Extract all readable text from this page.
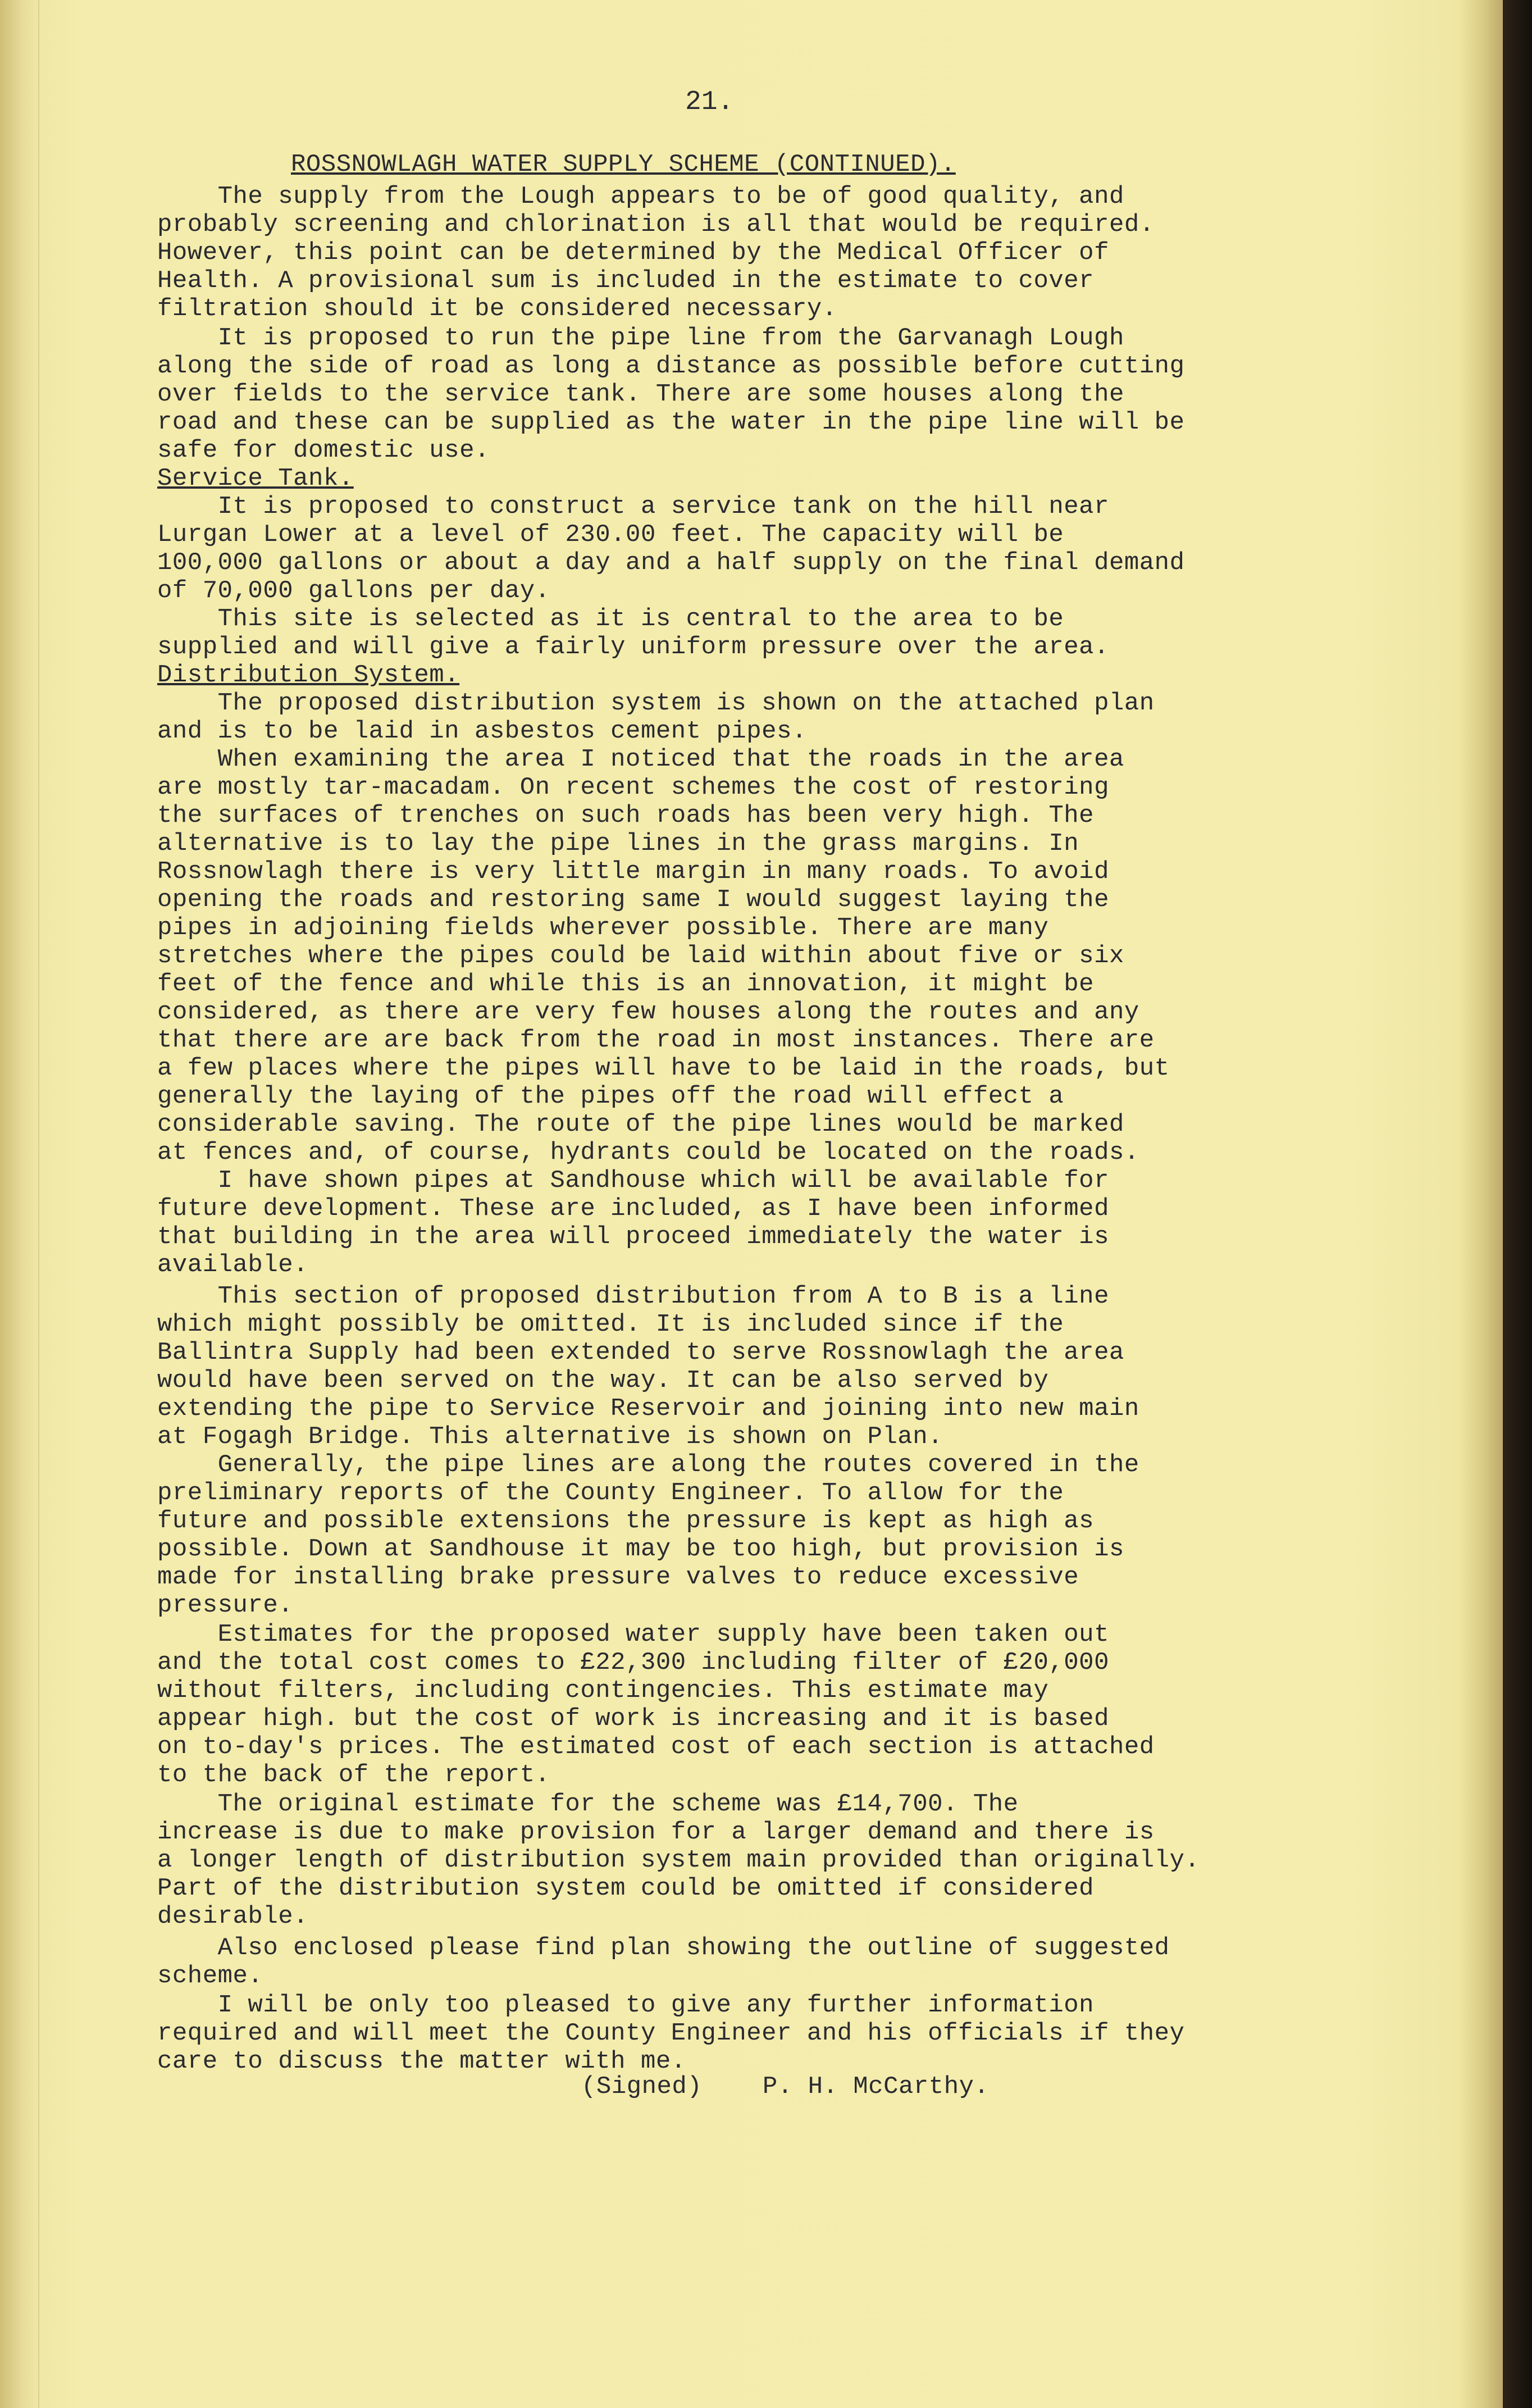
21.
ROSSNOWLAGH WATER SUPPLY SCHEME (CONTINUED).
The supply from the Lough appears to be of good quality, and
probably screening and chlorination is all that would be required.
However, this point can be determined by the Medical Officer of
Health. A provisional sum is included in the estimate to cover
filtration should it be considered necessary.
It is proposed to run the pipe line from the Garvanagh Lough
along the side of road as long a distance as possible before cutting
over fields to the service tank. There are some houses along the
road and these can be supplied as the water in the pipe line will be
safe for domestic use.
Service Tank.
It is proposed to construct a service tank on the hill near
Lurgan Lower at a level of 230.00 feet. The capacity will be
100,000 gallons or about a day and a half supply on the final demand
of 70,000 gallons per day.
This site is selected as it is central to the area to be
supplied and will give a fairly uniform pressure over the area.
Distribution System.
The proposed distribution system is shown on the attached plan
and is to be laid in asbestos cement pipes.
When examining the area I noticed that the roads in the area
are mostly tar-macadam. On recent schemes the cost of restoring
the surfaces of trenches on such roads has been very high. The
alternative is to lay the pipe lines in the grass margins. In
Rossnowlagh there is very little margin in many roads. To avoid
opening the roads and restoring same I would suggest laying the
pipes in adjoining fields wherever possible. There are many
stretches where the pipes could be laid within about five or six
feet of the fence and while this is an innovation, it might be
considered, as there are very few houses along the routes and any
that there are are back from the road in most instances. There are
a few places where the pipes will have to be laid in the roads, but
generally the laying of the pipes off the road will effect a
considerable saving. The route of the pipe lines would be marked
at fences and, of course, hydrants could be located on the roads.
I have shown pipes at Sandhouse which will be available for
future development. These are included, as I have been informed
that building in the area will proceed immediately the water is
available.
This section of proposed distribution from A to B is a line
which might possibly be omitted. It is included since if the
Ballintra Supply had been extended to serve Rossnowlagh the area
would have been served on the way. It can be also served by
extending the pipe to Service Reservoir and joining into new main
at Fogagh Bridge. This alternative is shown on Plan.
Generally, the pipe lines are along the routes covered in the
preliminary reports of the County Engineer. To allow for the
future and possible extensions the pressure is kept as high as
possible. Down at Sandhouse it may be too high, but provision is
made for installing brake pressure valves to reduce excessive
pressure.
Estimates for the proposed water supply have been taken out
and the total cost comes to £22,300 including filter of £20,000
without filters, including contingencies. This estimate may
appear high. but the cost of work is increasing and it is based
on to-day's prices. The estimated cost of each section is attached
to the back of the report.
The original estimate for the scheme was £14,700. The
increase is due to make provision for a larger demand and there is
a longer length of distribution system main provided than originally.
Part of the distribution system could be omitted if considered
desirable.
Also enclosed please find plan showing the outline of suggested
scheme.
I will be only too pleased to give any further information
required and will meet the County Engineer and his officials if they
care to discuss the matter with me.
(Signed)    P. H. McCarthy.
